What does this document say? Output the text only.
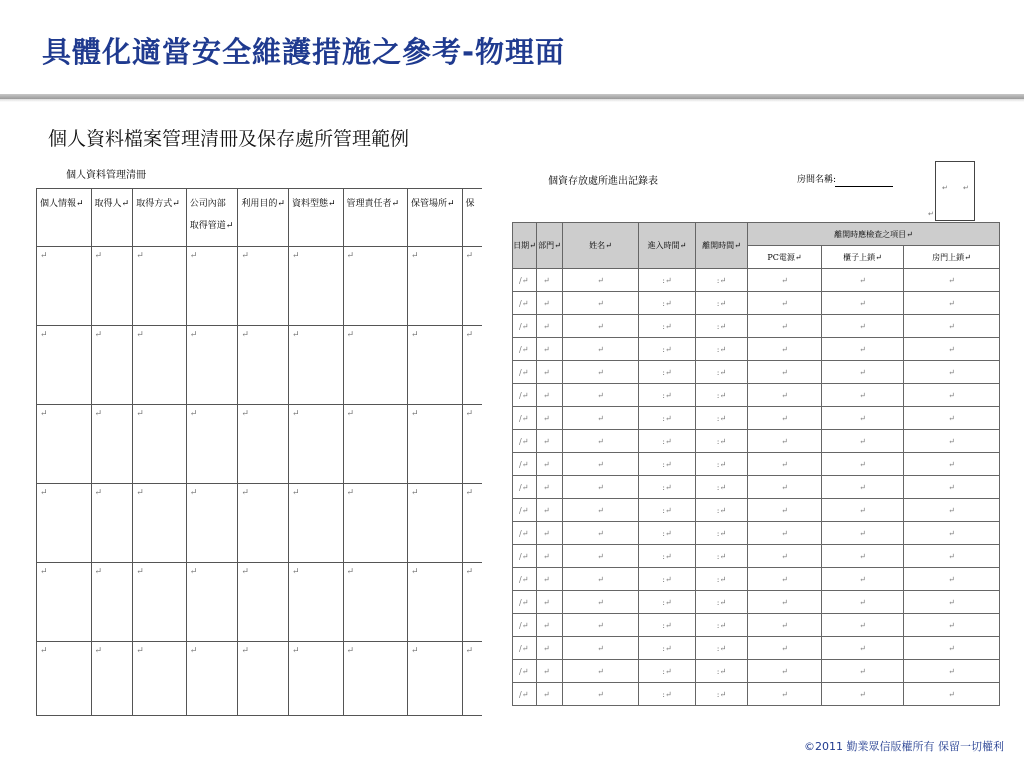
具體化適當安全維護措施之參考-物理面
個人資料檔案管理清冊及保存處所管理範例
個人資料管理清冊
個人情報↵	取得人↵	取得方式↵	公司內部
取得管道↵	利用目的↵	資料型態↵	管理責任者↵	保管場所↵	保
↵	↵	↵	↵	↵	↵	↵	↵	↵
↵	↵	↵	↵	↵	↵	↵	↵	↵
↵	↵	↵	↵	↵	↵	↵	↵	↵
↵	↵	↵	↵	↵	↵	↵	↵	↵
↵	↵	↵	↵	↵	↵	↵	↵	↵
↵	↵	↵	↵	↵	↵	↵	↵	↵
個資存放處所進出記錄表	房間名稱:
↵ ↵
↵
日期↵	部門↵	姓名↵	進入時間↵	離開時間↵	離開時應檢查之項目↵		
					PC電源↵	櫃子上鎖↵	房門上鎖↵
/↵	↵	↵	:↵	:↵	↵	↵	↵
/↵	↵	↵	:↵	:↵	↵	↵	↵
/↵	↵	↵	:↵	:↵	↵	↵	↵
/↵	↵	↵	:↵	:↵	↵	↵	↵
/↵	↵	↵	:↵	:↵	↵	↵	↵
/↵	↵	↵	:↵	:↵	↵	↵	↵
/↵	↵	↵	:↵	:↵	↵	↵	↵
/↵	↵	↵	:↵	:↵	↵	↵	↵
/↵	↵	↵	:↵	:↵	↵	↵	↵
/↵	↵	↵	:↵	:↵	↵	↵	↵
/↵	↵	↵	:↵	:↵	↵	↵	↵
/↵	↵	↵	:↵	:↵	↵	↵	↵
/↵	↵	↵	:↵	:↵	↵	↵	↵
/↵	↵	↵	:↵	:↵	↵	↵	↵
/↵	↵	↵	:↵	:↵	↵	↵	↵
/↵	↵	↵	:↵	:↵	↵	↵	↵
/↵	↵	↵	:↵	:↵	↵	↵	↵
/↵	↵	↵	:↵	:↵	↵	↵	↵
/↵	↵	↵	:↵	:↵	↵	↵	↵
©2011 勤業眾信版權所有 保留一切權利
